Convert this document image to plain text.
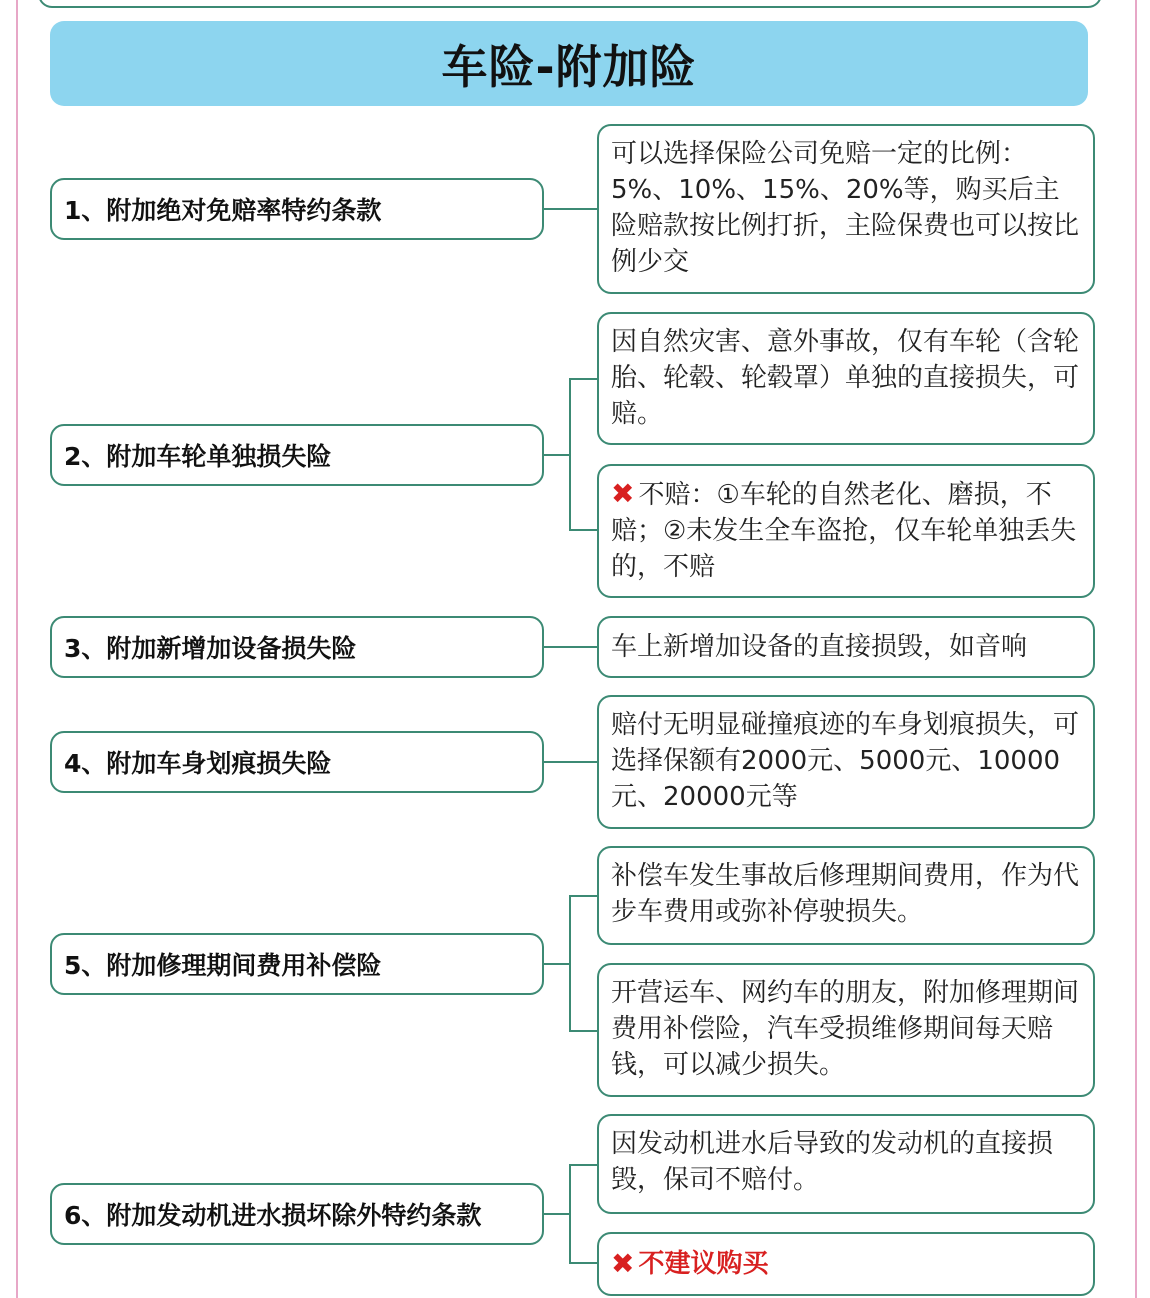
车险-附加险
1、附加绝对免赔率特约条款
可以选择保险公司免赔一定的比例：5%、10%、15%、20%等，购买后主险赔款按比例打折，主险保费也可以按比例少交
2、附加车轮单独损失险
因自然灾害、意外事故，仅有车轮（含轮胎、轮毂、轮毂罩）单独的直接损失，可赔。
✖ 不赔：①车轮的自然老化、磨损，不赔；②未发生全车盗抢，仅车轮单独丢失的，不赔
3、附加新增加设备损失险	车上新增加设备的直接损毁，如音响
4、附加车身划痕损失险
赔付无明显碰撞痕迹的车身划痕损失，可选择保额有2000元、5000元、10000元、20000元等
5、附加修理期间费用补偿险
补偿车发生事故后修理期间费用，作为代步车费用或弥补停驶损失。
开营运车、网约车的朋友，附加修理期间费用补偿险，汽车受损维修期间每天赔钱，可以减少损失。
6、附加发动机进水损坏除外特约条款
因发动机进水后导致的发动机的直接损毁，保司不赔付。
✖ 不建议购买
